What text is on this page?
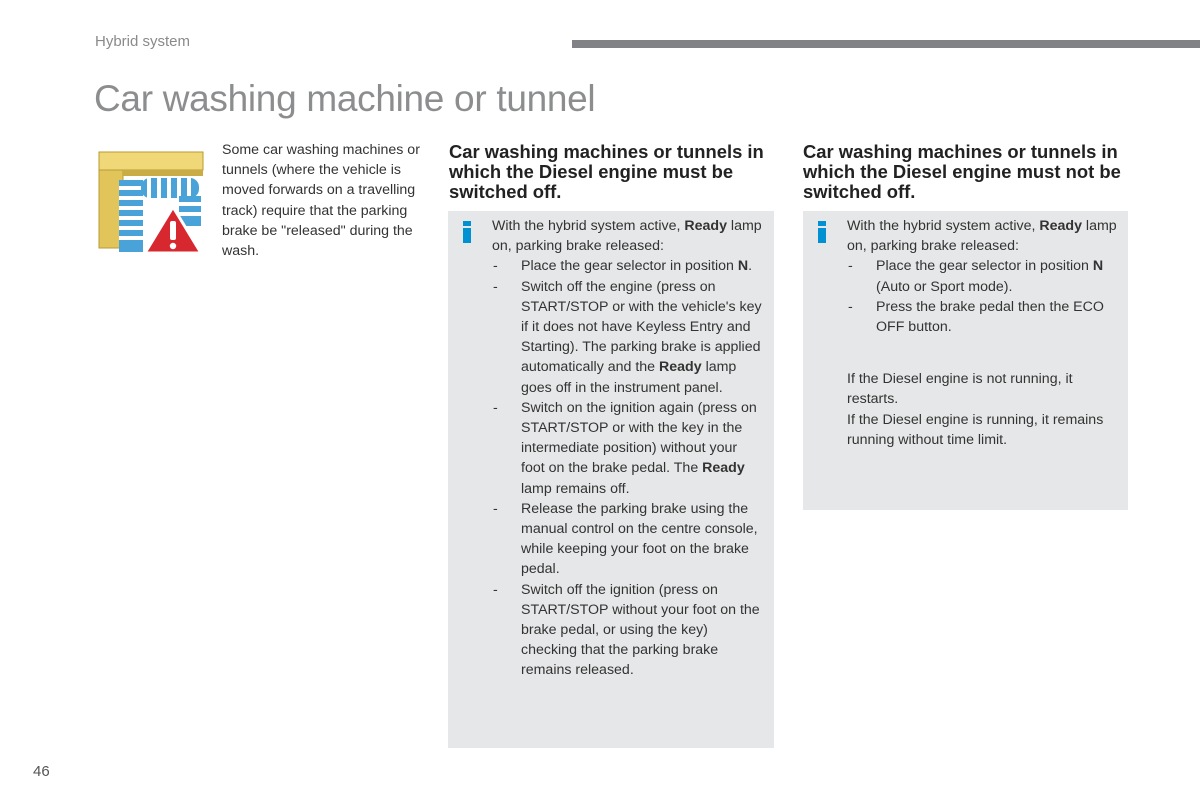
Hybrid system
Car washing machine or tunnel
Some car washing machines or tunnels (where the vehicle is moved forwards on a travelling track) require that the parking brake be "released" during the wash.
Car washing machines or tunnels in which the Diesel engine must be switched off.

With the hybrid system active, Ready lamp on, parking brake released:

- Place the gear selector in position N.
- Switch off the engine (press on START/STOP or with the vehicle's key if it does not have Keyless Entry and Starting). The parking brake is applied automatically and the Ready lamp goes off in the instrument panel.
- Switch on the ignition again (press on START/STOP or with the key in the intermediate position) without your foot on the brake pedal. The Ready lamp remains off.
- Release the parking brake using the manual control on the centre console, while keeping your foot on the brake pedal.
- Switch off the ignition (press on START/STOP without your foot on the brake pedal, or using the key) checking that the parking brake remains released.
Car washing machines or tunnels in which the Diesel engine must not be switched off.

With the hybrid system active, Ready lamp on, parking brake released:

- Place the gear selector in position N (Auto or Sport mode).
- Press the brake pedal then the ECO OFF button.

If the Diesel engine is not running, it restarts.

If the Diesel engine is running, it remains running without time limit.

46
